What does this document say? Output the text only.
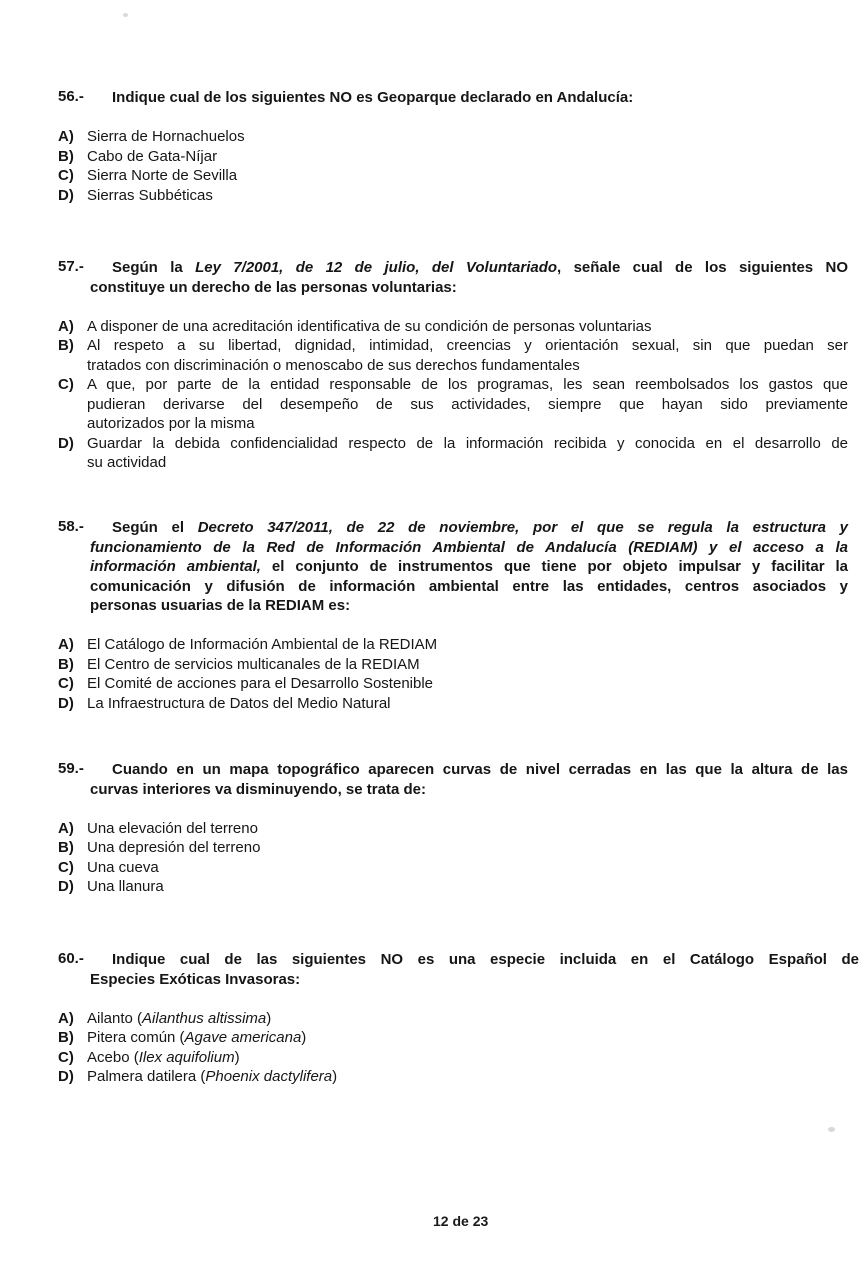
56.-	Indique cual de los siguientes NO es Geoparque declarado en Andalucía:
A) Sierra de Hornachuelos
B) Cabo de Gata-Níjar
C) Sierra Norte de Sevilla
D) Sierras Subbéticas
57.-	Según la Ley 7/2001, de 12 de julio, del Voluntariado, señale cual de los siguientes NO
constituye un derecho de las personas voluntarias:
A) A disponer de una acreditación identificativa de su condición de personas voluntarias
B) Al respeto a su libertad, dignidad, intimidad, creencias y orientación sexual, sin que puedan ser
tratados con discriminación o menoscabo de sus derechos fundamentales
C) A que, por parte de la entidad responsable de los programas, les sean reembolsados los gastos que
pudieran derivarse del desempeño de sus actividades, siempre que hayan sido previamente
autorizados por la misma
D) Guardar la debida confidencialidad respecto de la información recibida y conocida en el desarrollo de
su actividad
58.-	Según el Decreto 347/2011, de 22 de noviembre, por el que se regula la estructura y
funcionamiento de la Red de Información Ambiental de Andalucía (REDIAM) y el acceso a la
información ambiental, el conjunto de instrumentos que tiene por objeto impulsar y facilitar la
comunicación y difusión de información ambiental entre las entidades, centros asociados y
personas usuarias de la REDIAM es:
A) El Catálogo de Información Ambiental de la REDIAM
B) El Centro de servicios multicanales de la REDIAM
C) El Comité de acciones para el Desarrollo Sostenible
D) La Infraestructura de Datos del Medio Natural
59.-	Cuando en un mapa topográfico aparecen curvas de nivel cerradas en las que la altura de las
curvas interiores va disminuyendo, se trata de:
A) Una elevación del terreno
B) Una depresión del terreno
C) Una cueva
D) Una llanura
60.-	Indique cual de las siguientes NO es una especie incluida en el Catálogo Español de
Especies Exóticas Invasoras:
A) Ailanto (Ailanthus altissima)
B) Pitera común (Agave americana)
C) Acebo (Ilex aquifolium)
D) Palmera datilera (Phoenix dactylifera)
12 de 23
